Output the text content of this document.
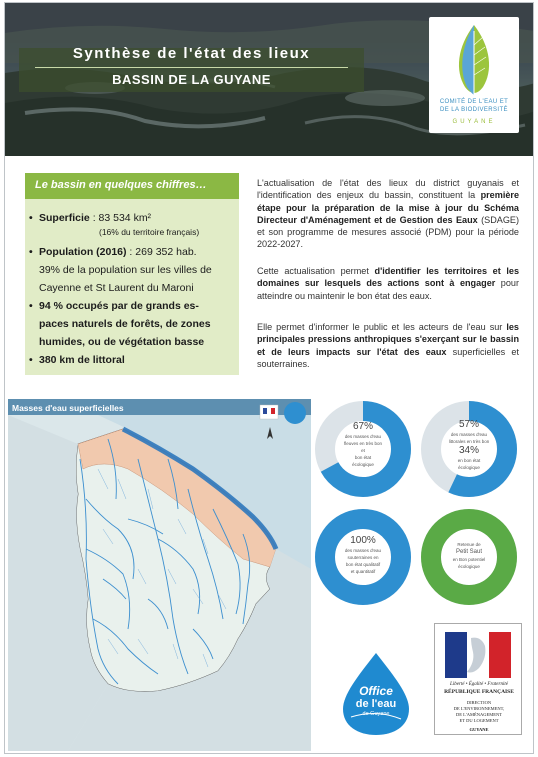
Synthèse de l'état des lieux
BASSIN DE LA GUYANE
COMITÉ DE L'EAU ET
DE LA BIODIVERSITÉ
GUYANE
Le bassin en quelques chiffres…
• Superficie : 83 534 km²
(16% du territoire français)
• Population (2016) : 269 352 hab.
39% de la population sur les villes de
Cayenne et St Laurent du Maroni
• 94 % occupés par de grands es-
paces naturels de forêts, de zones
humides, ou de végétation basse
• 380 km de littoral
L'actualisation de l'état des lieux du district guyanais et l'identification des enjeux du bassin, constituent la première étape pour la préparation de la mise à jour du Schéma Directeur d'Aménagement et de Gestion des Eaux (SDAGE) et son programme de mesures associé (PDM) pour la période 2022-2027.
Cette actualisation permet d'identifier les territoires et les domaines sur lesquels des actions sont à engager pour atteindre ou maintenir le bon état des eaux.
Elle permet d'informer le public et les acteurs de l'eau sur les principales pressions anthropiques s'exerçant sur le bassin et de leurs impacts sur l'état des eaux superficielles et souterraines.
Masses d'eau superficielles
67%
des masses d'eau
fleuves en très bon
et
bon état
écologique
57%
des masses d'eau
littorales en très bon
34%
en bon état
écologique
100%
des masses d'eau
souterraines en
bon état qualitatif
et quantitatif
Retenue de
Petit Saut
en Bon potentiel
écologique
Office
de l'eau
de Guyane
Liberté • Égalité • Fraternité
RÉPUBLIQUE FRANÇAISE
DIRECTION
DE L'ENVIRONNEMENT,
DE L'AMÉNAGEMENT
ET DU LOGEMENT
GUYANE
